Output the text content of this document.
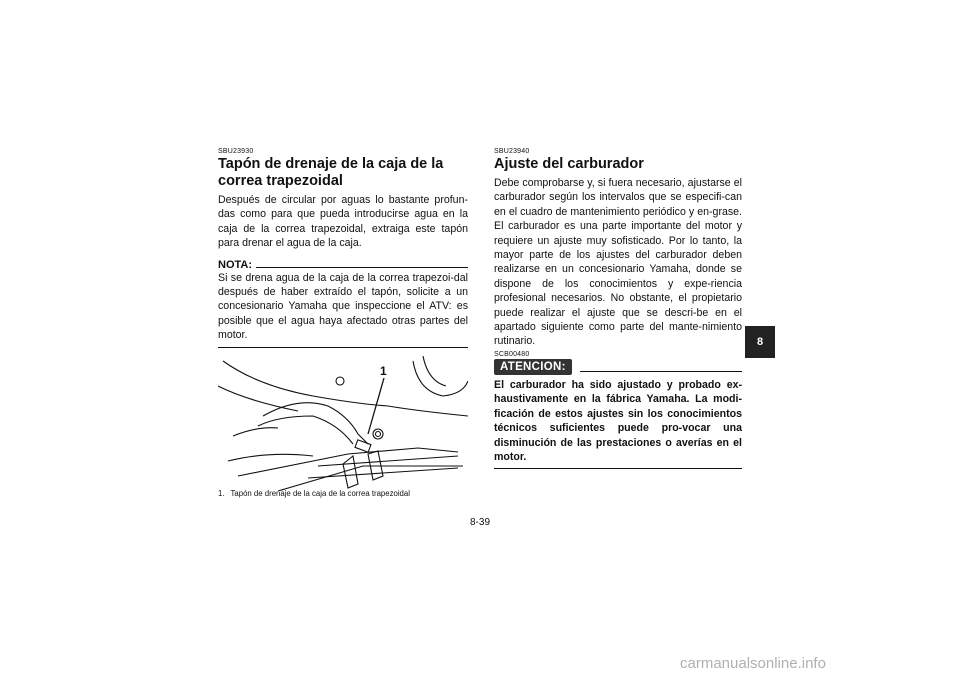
SBU23930
Tapón de drenaje de la caja de la correa trapezoidal

Después de circular por aguas lo bastante profun-das como para que pueda introducirse agua en la caja de la correa trapezoidal, extraiga este tapón para drenar el agua de la caja.

NOTA:

Si se drena agua de la caja de la correa trapezoi-dal después de haber extraído el tapón, solicite a un concesionario Yamaha que inspeccione el ATV: es posible que el agua haya afectado otras partes del motor.

1
1. Tapón de drenaje de la caja de la correa trapezoidal
SBU23940
Ajuste del carburador

Debe comprobarse y, si fuera necesario, ajustarse el carburador según los intervalos que se especifi-can en el cuadro de mantenimiento periódico y en-grase. El carburador es una parte importante del motor y requiere un ajuste muy sofisticado. Por lo tanto, la mayor parte de los ajustes del carburador deben realizarse en un concesionario Yamaha, donde se dispone de los conocimientos y expe-riencia profesional necesarios. No obstante, el propietario puede realizar el ajuste que se descri-be en el apartado siguiente como parte del mante-nimiento rutinario.

SCB00480
ATENCION:

El carburador ha sido ajustado y probado ex-haustivamente en la fábrica Yamaha. La modi-ficación de estos ajustes sin los conocimientos técnicos suficientes puede pro-vocar una disminución de las prestaciones o averías en el motor.

8-39
8
carmanualsonline.info
